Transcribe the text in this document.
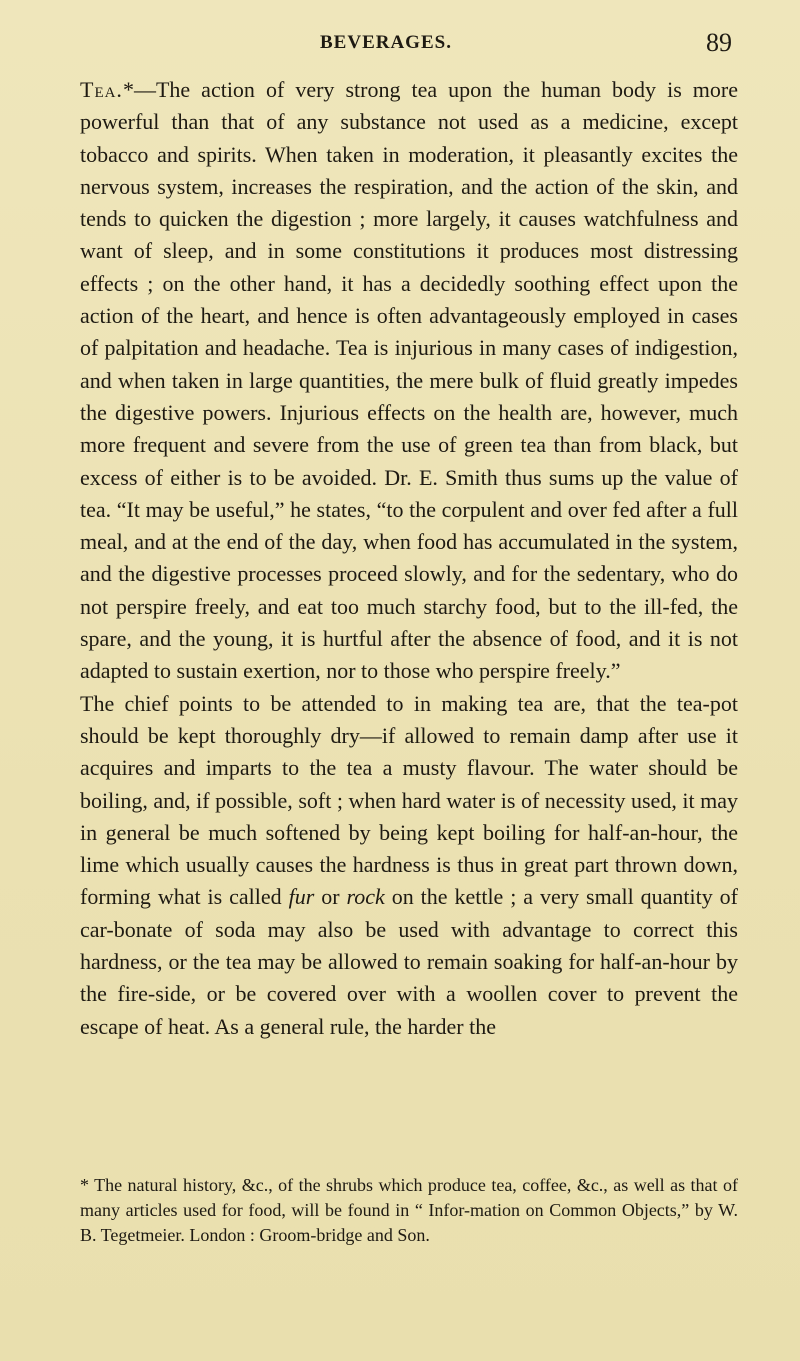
BEVERAGES.	89

Tea.*—The action of very strong tea upon the human body is more powerful than that of any substance not used as a medicine, except tobacco and spirits. When taken in moderation, it pleasantly excites the nervous system, increases the respiration, and the action of the skin, and tends to quicken the digestion ; more largely, it causes watchfulness and want of sleep, and in some constitutions it produces most distressing effects ; on the other hand, it has a decidedly soothing effect upon the action of the heart, and hence is often advantageously employed in cases of palpitation and headache. Tea is injurious in many cases of indigestion, and when taken in large quantities, the mere bulk of fluid greatly impedes the digestive powers. Injurious effects on the health are, however, much more frequent and severe from the use of green tea than from black, but excess of either is to be avoided. Dr. E. Smith thus sums up the value of tea. “It may be useful,” he states, “to the corpulent and over fed after a full meal, and at the end of the day, when food has accumulated in the system, and the digestive processes proceed slowly, and for the sedentary, who do not perspire freely, and eat too much starchy food, but to the ill-fed, the spare, and the young, it is hurtful after the absence of food, and it is not adapted to sustain exertion, nor to those who perspire freely.”

The chief points to be attended to in making tea are, that the tea-pot should be kept thoroughly dry—if allowed to remain damp after use it acquires and imparts to the tea a musty flavour. The water should be boiling, and, if possible, soft ; when hard water is of necessity used, it may in general be much softened by being kept boiling for half-an-hour, the lime which usually causes the hardness is thus in great part thrown down, forming what is called fur or rock on the kettle ; a very small quantity of car-bonate of soda may also be used with advantage to correct this hardness, or the tea may be allowed to remain soaking for half-an-hour by the fire-side, or be covered over with a woollen cover to prevent the escape of heat. As a general rule, the harder the

* The natural history, &c., of the shrubs which produce tea, coffee, &c., as well as that of many articles used for food, will be found in “ Infor-mation on Common Objects,” by W. B. Tegetmeier. London : Groom-bridge and Son.
